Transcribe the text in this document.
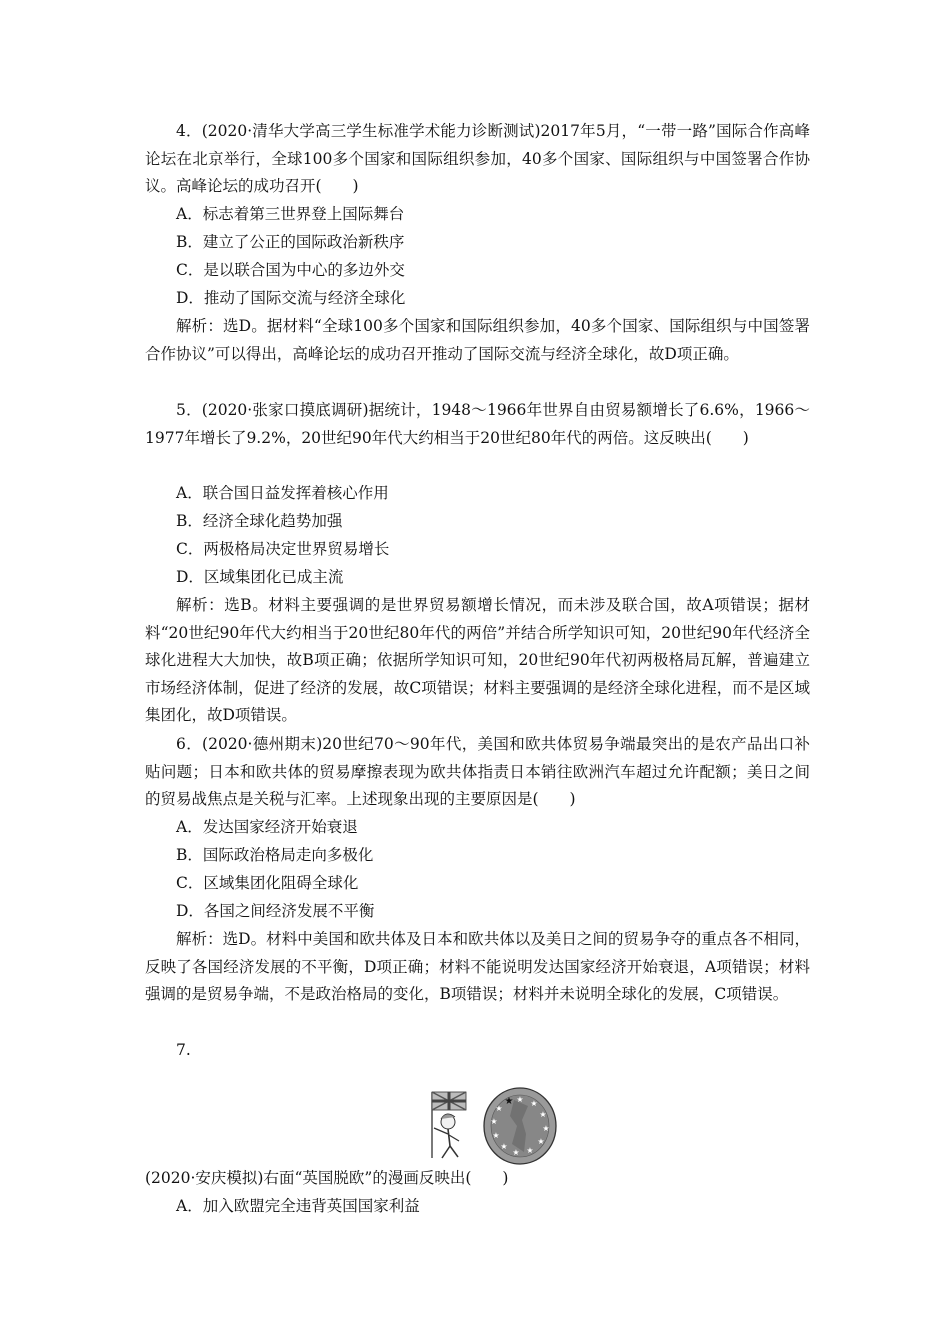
4．(2020·清华大学高三学生标准学术能力诊断测试)2017年5月，“一带一路”国际合作高峰论坛在北京举行，全球100多个国家和国际组织参加，40多个国家、国际组织与中国签署合作协议。高峰论坛的成功召开(　　)
A．标志着第三世界登上国际舞台
B．建立了公正的国际政治新秩序
C．是以联合国为中心的多边外交
D．推动了国际交流与经济全球化
解析：选D。据材料“全球100多个国家和国际组织参加，40多个国家、国际组织与中国签署合作协议”可以得出，高峰论坛的成功召开推动了国际交流与经济全球化，故D项正确。
5．(2020·张家口摸底调研)据统计，1948～1966年世界自由贸易额增长了6.6%，1966～1977年增长了9.2%，20世纪90年代大约相当于20世纪80年代的两倍。这反映出(　　)
A．联合国日益发挥着核心作用
B．经济全球化趋势加强
C．两极格局决定世界贸易增长
D．区域集团化已成主流
解析：选B。材料主要强调的是世界贸易额增长情况，而未涉及联合国，故A项错误；据材料“20世纪90年代大约相当于20世纪80年代的两倍”并结合所学知识可知，20世纪90年代经济全球化进程大大加快，故B项正确；依据所学知识可知，20世纪90年代初两极格局瓦解，普遍建立市场经济体制，促进了经济的发展，故C项错误；材料主要强调的是经济全球化进程，而不是区域集团化，故D项错误。
6．(2020·德州期末)20世纪70～90年代，美国和欧共体贸易争端最突出的是农产品出口补贴问题；日本和欧共体的贸易摩擦表现为欧共体指责日本销往欧洲汽车超过允许配额；美日之间的贸易战焦点是关税与汇率。上述现象出现的主要原因是(　　)
A．发达国家经济开始衰退
B．国际政治格局走向多极化
C．区域集团化阻碍全球化
D．各国之间经济发展不平衡
解析：选D。材料中美国和欧共体及日本和欧共体以及美日之间的贸易争夺的重点各不相同，反映了各国经济发展的不平衡，D项正确；材料不能说明发达国家经济开始衰退，A项错误；材料强调的是贸易争端，不是政治格局的变化，B项错误；材料并未说明全球化的发展，C项错误。
7.
★ ★
★
★
★
★
★
★
★
★
★
★
(2020·安庆模拟)右面“英国脱欧”的漫画反映出(　　)
A．加入欧盟完全违背英国国家利益
